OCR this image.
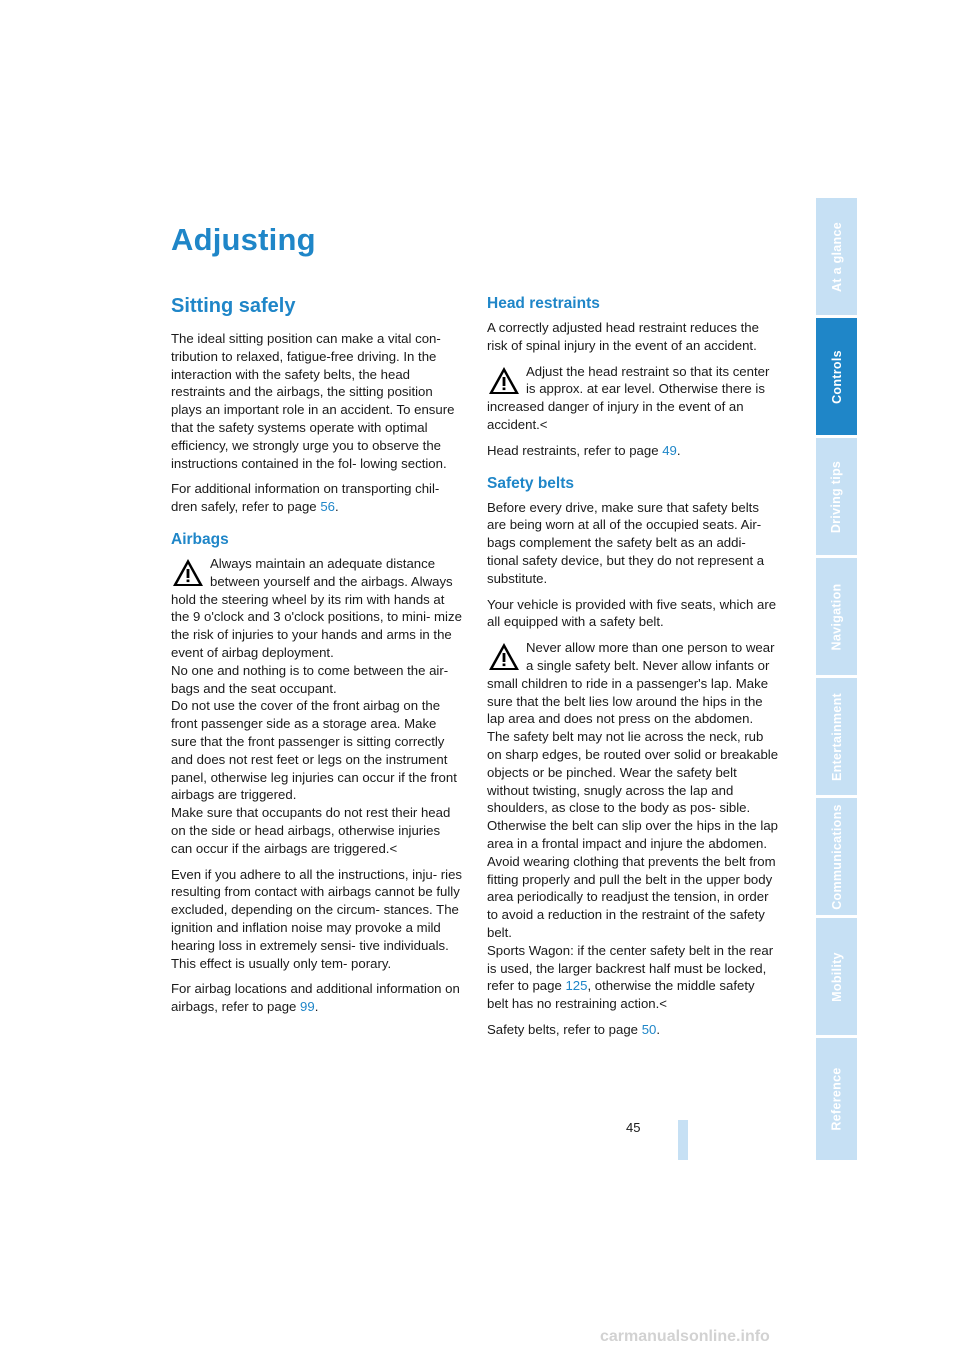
Adjusting
Sitting safely

The ideal sitting position can make a vital con- tribution to relaxed, fatigue-free driving. In the interaction with the safety belts, the head restraints and the airbags, the sitting position plays an important role in an accident. To ensure that the safety systems operate with optimal efficiency, we strongly urge you to observe the instructions contained in the fol- lowing section.

For additional information on transporting chil- dren safely, refer to page 56.

Airbags

Always maintain an adequate distance between yourself and the airbags. Always hold the steering wheel by its rim with hands at the 9 o'clock and 3 o'clock positions, to mini- mize the risk of injuries to your hands and arms in the event of airbag deployment.

No one and nothing is to come between the air- bags and the seat occupant.

Do not use the cover of the front airbag on the front passenger side as a storage area. Make sure that the front passenger is sitting correctly and does not rest feet or legs on the instrument panel, otherwise leg injuries can occur if the front airbags are triggered.

Make sure that occupants do not rest their head on the side or head airbags, otherwise injuries can occur if the airbags are triggered.<

Even if you adhere to all the instructions, inju- ries resulting from contact with airbags cannot be fully excluded, depending on the circum- stances. The ignition and inflation noise may provoke a mild hearing loss in extremely sensi- tive individuals. This effect is usually only tem- porary.

For airbag locations and additional information on airbags, refer to page 99.

Head restraints

A correctly adjusted head restraint reduces the risk of spinal injury in the event of an accident.

Adjust the head restraint so that its center is approx. at ear level. Otherwise there is increased danger of injury in the event of an accident.<

Head restraints, refer to page 49.

Safety belts

Before every drive, make sure that safety belts are being worn at all of the occupied seats. Air- bags complement the safety belt as an addi- tional safety device, but they do not represent a substitute.

Your vehicle is provided with five seats, which are all equipped with a safety belt.

Never allow more than one person to wear a single safety belt. Never allow infants or small children to ride in a passenger's lap. Make sure that the belt lies low around the hips in the lap area and does not press on the abdomen. The safety belt may not lie across the neck, rub on sharp edges, be routed over solid or breakable objects or be pinched. Wear the safety belt without twisting, snugly across the lap and shoulders, as close to the body as pos- sible. Otherwise the belt can slip over the hips in the lap area in a frontal impact and injure the abdomen. Avoid wearing clothing that prevents the belt from fitting properly and pull the belt in the upper body area periodically to readjust the tension, in order to avoid a reduction in the restraint of the safety belt.

Sports Wagon: if the center safety belt in the rear is used, the larger backrest half must be locked, refer to page 125, otherwise the middle safety belt has no restraining action.<

Safety belts, refer to page 50.

At a glance
Controls
Driving tips
Navigation
Entertainment
Communications
Mobility
Reference
45
carmanualsonline.info
